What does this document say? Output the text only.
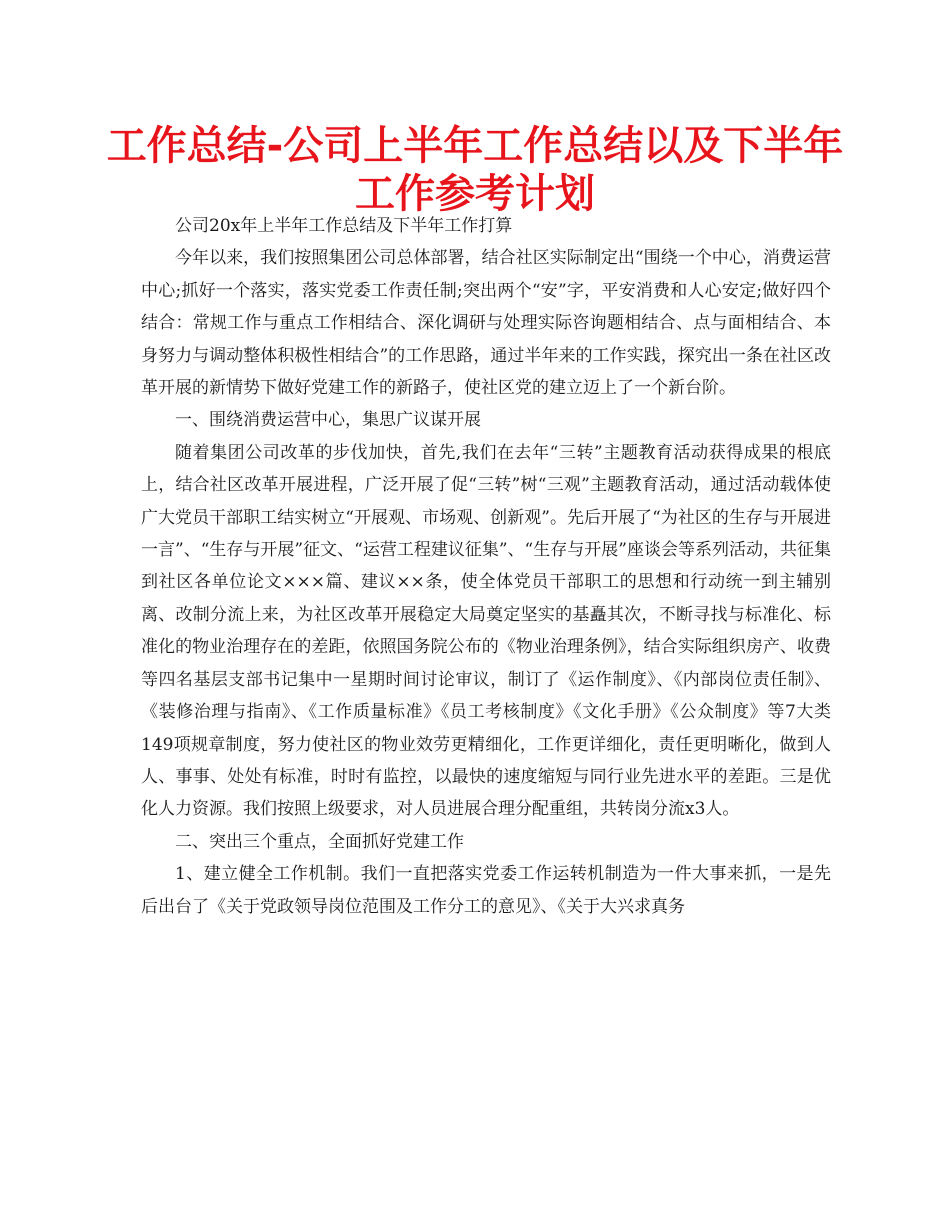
工作总结-公司上半年工作总结以及下半年
工作参考计划

公司20x年上半年工作总结及下半年工作打算

今年以来，我们按照集团公司总体部署，结合社区实际制定出“围绕一个中心，消费运营中心;抓好一个落实，落实党委工作责任制;突出两个“安”字，平安消费和人心安定;做好四个结合：常规工作与重点工作相结合、深化调研与处理实际咨询题相结合、点与面相结合、本身努力与调动整体积极性相结合”的工作思路，通过半年来的工作实践，探究出一条在社区改革开展的新情势下做好党建工作的新路子，使社区党的建立迈上了一个新台阶。

一、围绕消费运营中心，集思广议谋开展

随着集团公司改革的步伐加快，首先,我们在去年“三转”主题教育活动获得成果的根底上，结合社区改革开展进程，广泛开展了促“三转”树“三观”主题教育活动，通过活动载体使广大党员干部职工结实树立“开展观、市场观、创新观”。先后开展了“为社区的生存与开展进一言”、“生存与开展”征文、“运营工程建议征集”、“生存与开展”座谈会等系列活动，共征集到社区各单位论文×××篇、建议××条，使全体党员干部职工的思想和行动统一到主辅别离、改制分流上来，为社区改革开展稳定大局奠定坚实的基矗其次，不断寻找与标准化、标准化的物业治理存在的差距，依照国务院公布的《物业治理条例》，结合实际组织房产、收费等四名基层支部书记集中一星期时间讨论审议，制订了《运作制度》、《内部岗位责任制》、《装修治理与指南》、《工作质量标准》《员工考核制度》《文化手册》《公众制度》等7大类149项规章制度，努力使社区的物业效劳更精细化，工作更详细化，责任更明晰化，做到人人、事事、处处有标准，时时有监控，以最快的速度缩短与同行业先进水平的差距。三是优化人力资源。我们按照上级要求，对人员进展合理分配重组，共转岗分流x3人。

二、突出三个重点，全面抓好党建工作

1、建立健全工作机制。我们一直把落实党委工作运转机制造为一件大事来抓，一是先后出台了《关于党政领导岗位范围及工作分工的意见》、《关于大兴求真务
